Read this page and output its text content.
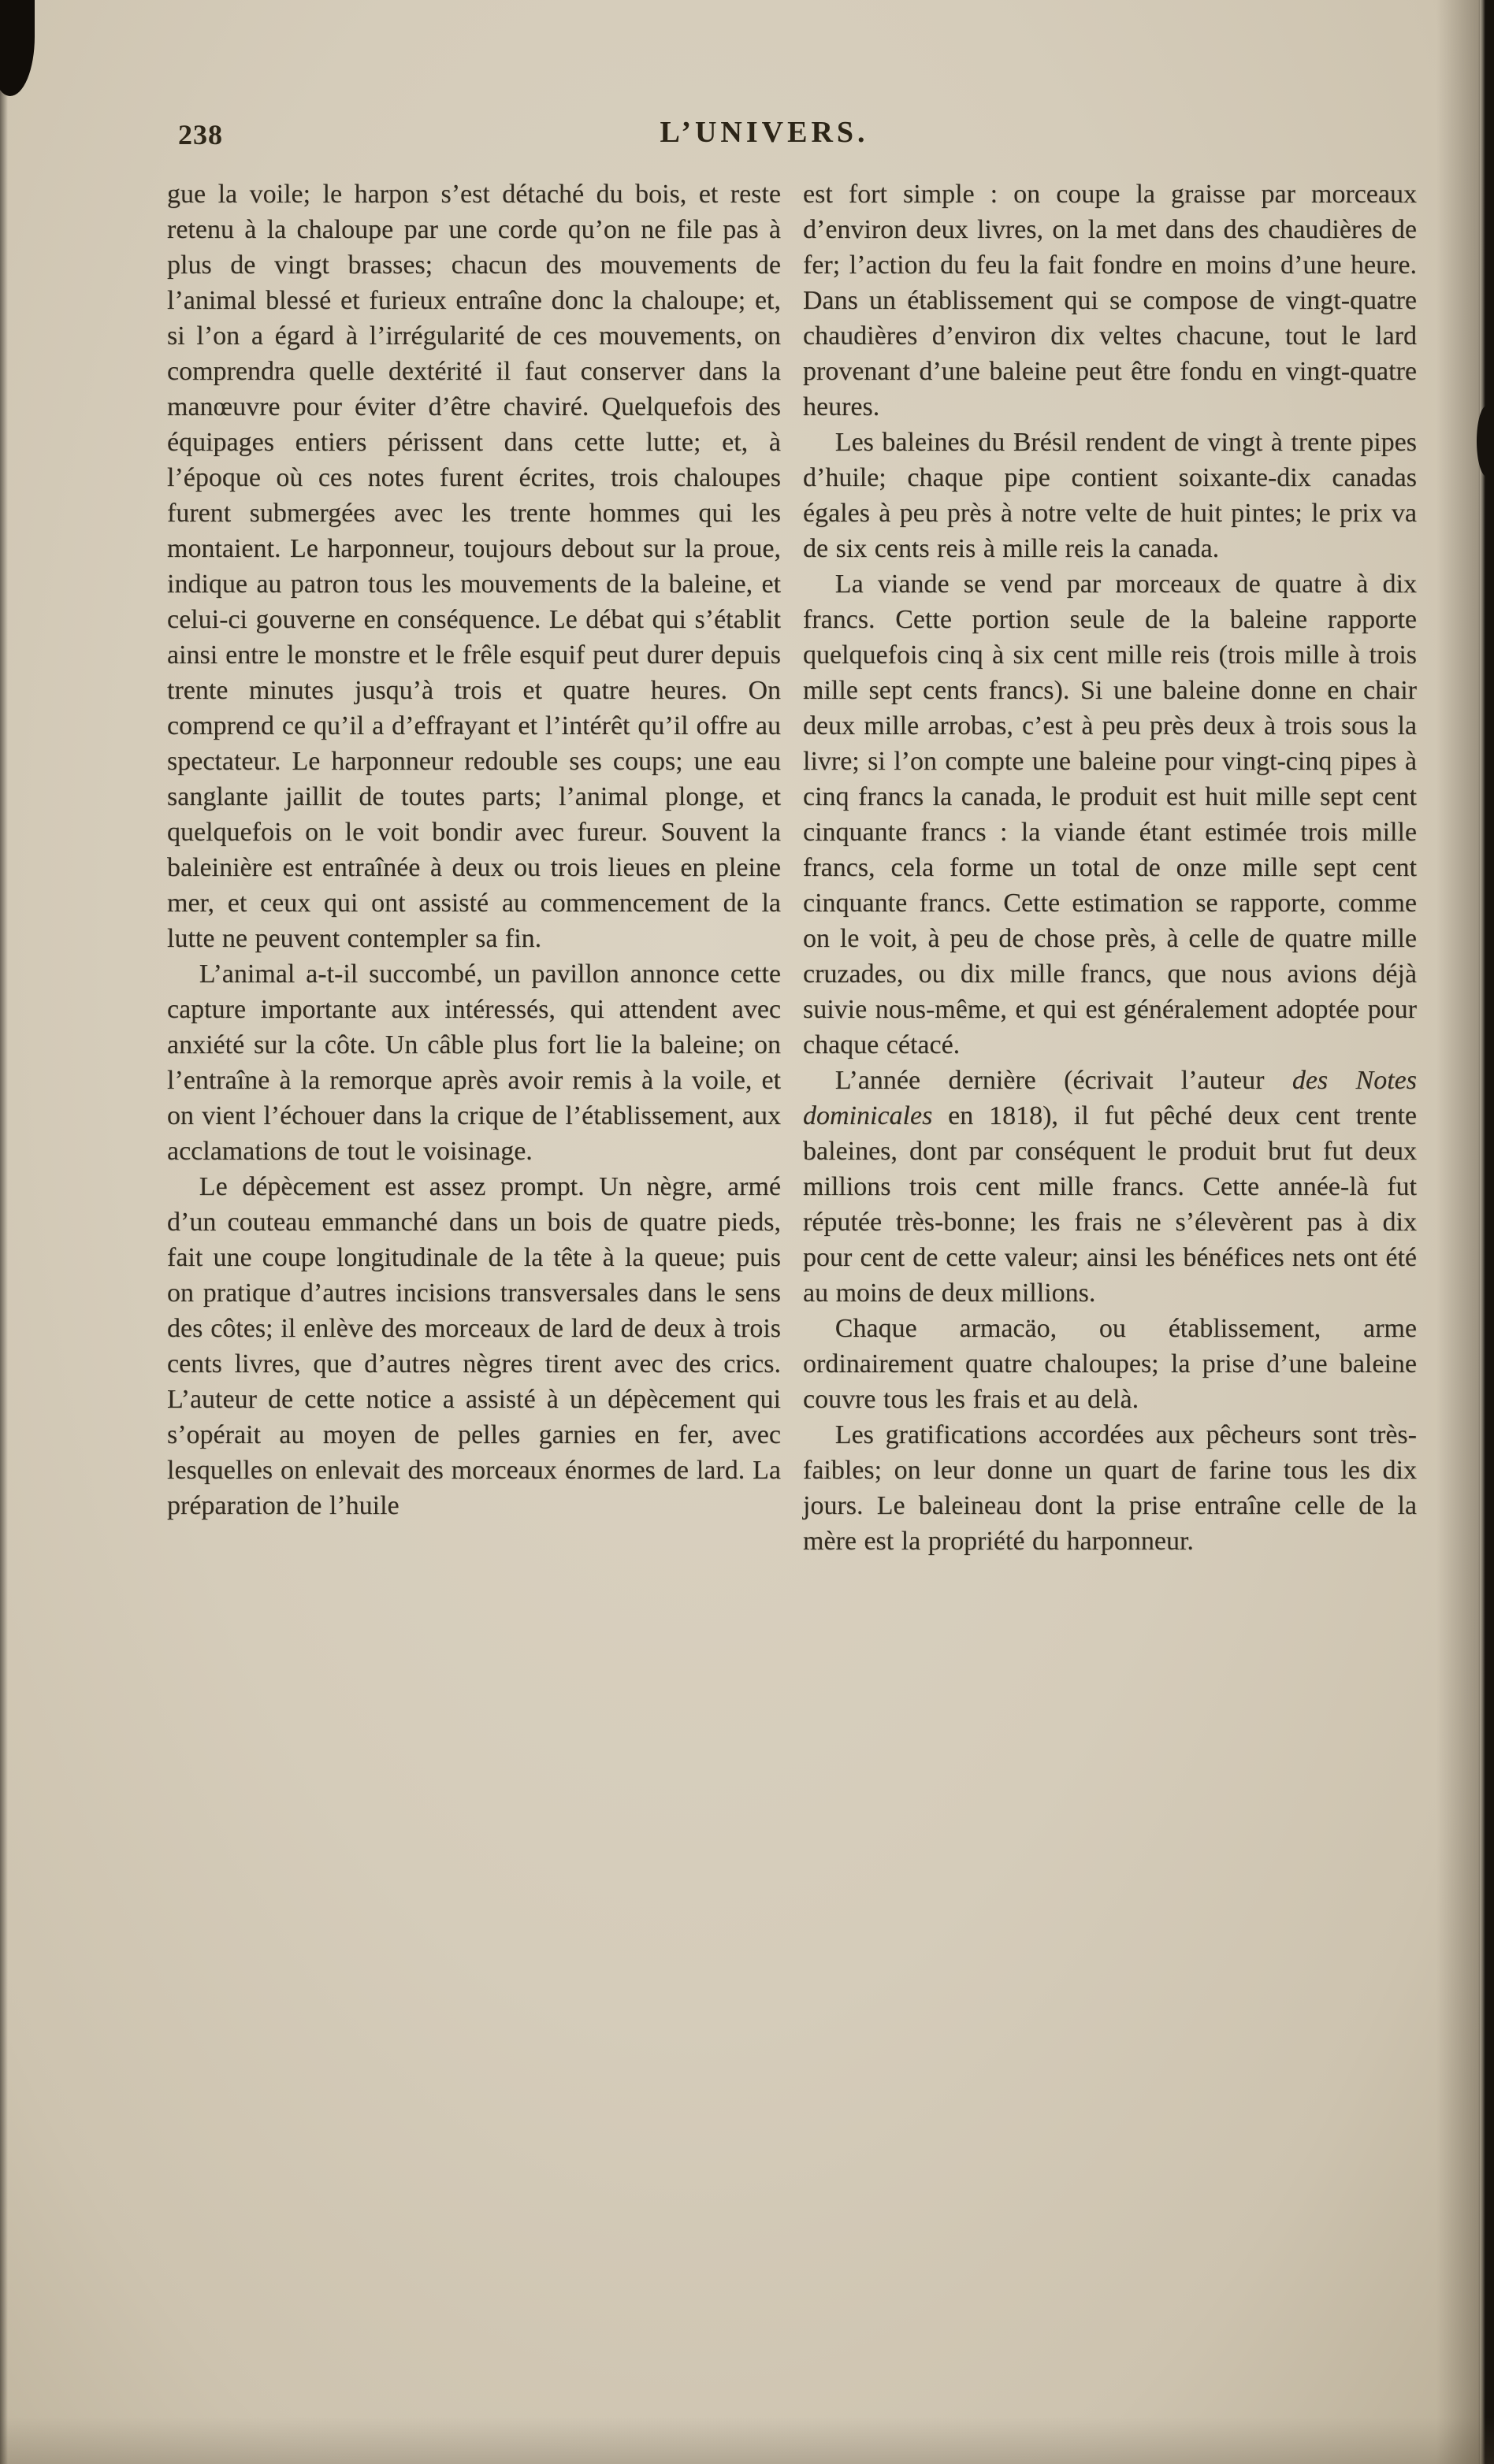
238	L’UNIVERS.

gue la voile; le harpon s’est détaché du bois, et reste retenu à la chaloupe par une corde qu’on ne file pas à plus de vingt brasses; chacun des mouvements de l’animal blessé et furieux entraîne donc la chaloupe; et, si l’on a égard à l’irrégularité de ces mouvements, on comprendra quelle dextérité il faut conserver dans la manœuvre pour éviter d’être chaviré. Quelquefois des équipages entiers périssent dans cette lutte; et, à l’époque où ces notes furent écrites, trois chaloupes furent submergées avec les trente hommes qui les montaient. Le harponneur, toujours debout sur la proue, indique au patron tous les mouvements de la baleine, et celui-ci gouverne en conséquence. Le débat qui s’établit ainsi entre le monstre et le frêle esquif peut durer depuis trente minutes jusqu’à trois et quatre heures. On comprend ce qu’il a d’effrayant et l’intérêt qu’il offre au spectateur. Le harponneur redouble ses coups; une eau sanglante jaillit de toutes parts; l’animal plonge, et quelquefois on le voit bondir avec fureur. Souvent la baleinière est entraînée à deux ou trois lieues en pleine mer, et ceux qui ont assisté au commencement de la lutte ne peuvent contempler sa fin.

L’animal a-t-il succombé, un pavillon annonce cette capture importante aux intéressés, qui attendent avec anxiété sur la côte. Un câble plus fort lie la baleine; on l’entraîne à la remorque après avoir remis à la voile, et on vient l’échouer dans la crique de l’établissement, aux acclamations de tout le voisinage.

Le dépècement est assez prompt. Un nègre, armé d’un couteau emmanché dans un bois de quatre pieds, fait une coupe longitudinale de la tête à la queue; puis on pratique d’autres incisions transversales dans le sens des côtes; il enlève des morceaux de lard de deux à trois cents livres, que d’autres nègres tirent avec des crics. L’auteur de cette notice a assisté à un dépècement qui s’opérait au moyen de pelles garnies en fer, avec lesquelles on enlevait des morceaux énormes de lard. La préparation de l’huile

est fort simple : on coupe la graisse par morceaux d’environ deux livres, on la met dans des chaudières de fer; l’action du feu la fait fondre en moins d’une heure. Dans un établissement qui se compose de vingt-quatre chaudières d’environ dix veltes chacune, tout le lard provenant d’une baleine peut être fondu en vingt-quatre heures.

Les baleines du Brésil rendent de vingt à trente pipes d’huile; chaque pipe contient soixante-dix canadas égales à peu près à notre velte de huit pintes; le prix va de six cents reis à mille reis la canada.

La viande se vend par morceaux de quatre à dix francs. Cette portion seule de la baleine rapporte quelquefois cinq à six cent mille reis (trois mille à trois mille sept cents francs). Si une baleine donne en chair deux mille arrobas, c’est à peu près deux à trois sous la livre; si l’on compte une baleine pour vingt-cinq pipes à cinq francs la canada, le produit est huit mille sept cent cinquante francs : la viande étant estimée trois mille francs, cela forme un total de onze mille sept cent cinquante francs. Cette estimation se rapporte, comme on le voit, à peu de chose près, à celle de quatre mille cruzades, ou dix mille francs, que nous avions déjà suivie nous-même, et qui est généralement adoptée pour chaque cétacé.

L’année dernière (écrivait l’auteur des Notes dominicales en 1818), il fut pêché deux cent trente baleines, dont par conséquent le produit brut fut deux millions trois cent mille francs. Cette année-là fut réputée très-bonne; les frais ne s’élevèrent pas à dix pour cent de cette valeur; ainsi les bénéfices nets ont été au moins de deux millions.

Chaque armacäo, ou établissement, arme ordinairement quatre chaloupes; la prise d’une baleine couvre tous les frais et au delà.

Les gratifications accordées aux pêcheurs sont très-faibles; on leur donne un quart de farine tous les dix jours. Le baleineau dont la prise entraîne celle de la mère est la propriété du harponneur.
